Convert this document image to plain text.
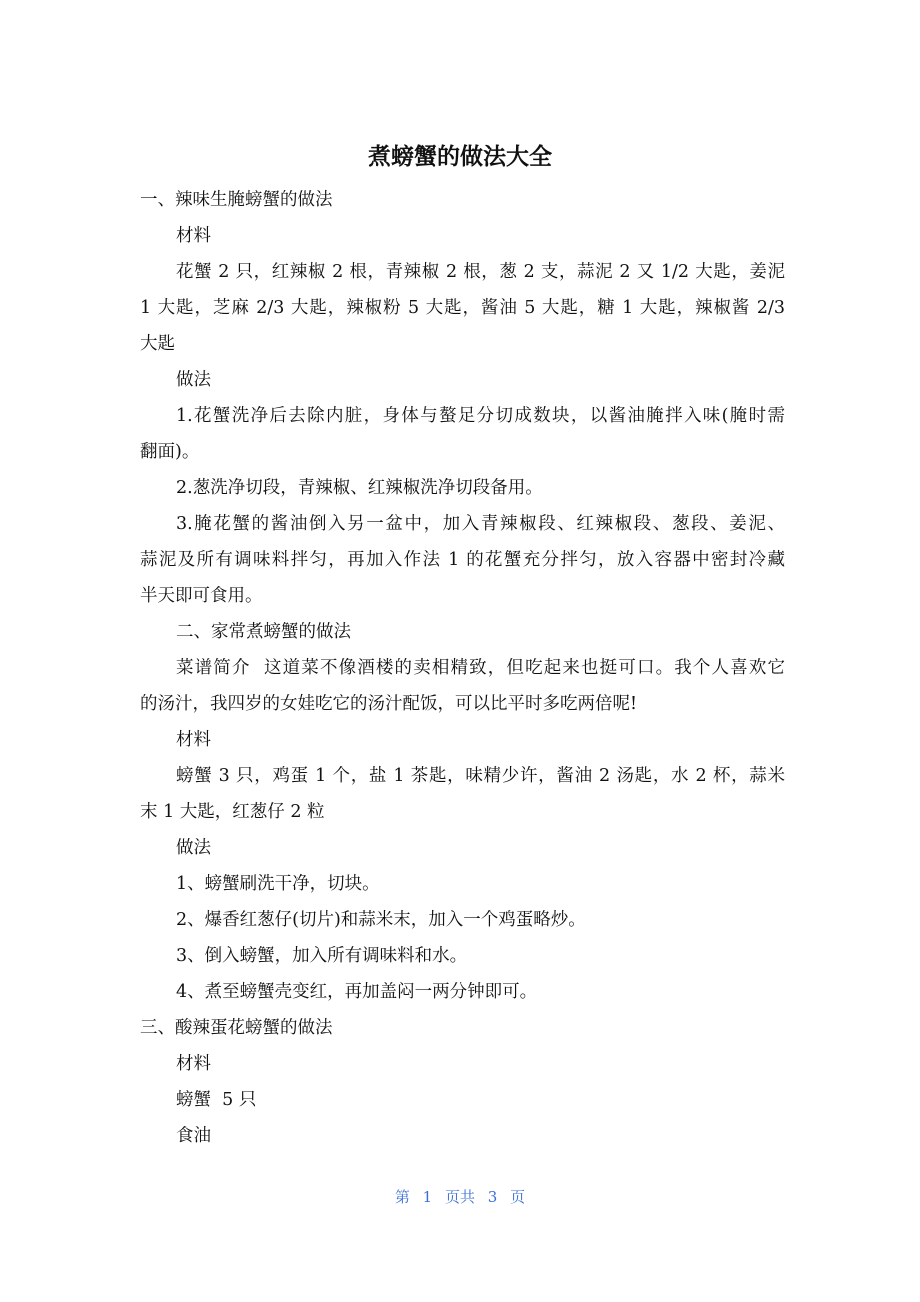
煮螃蟹的做法大全
一、辣味生腌螃蟹的做法
材料
花蟹 2 只，红辣椒 2 根，青辣椒 2 根，葱 2 支，蒜泥 2 又 1/2 大匙，姜泥
1 大匙，芝麻 2/3 大匙，辣椒粉 5 大匙，酱油 5 大匙，糖 1 大匙，辣椒酱 2/3
大匙
做法
1.花蟹洗净后去除内脏，身体与螯足分切成数块，以酱油腌拌入味(腌时需
翻面)。
2.葱洗净切段，青辣椒、红辣椒洗净切段备用。
3.腌花蟹的酱油倒入另一盆中，加入青辣椒段、红辣椒段、葱段、姜泥、
蒜泥及所有调味料拌匀，再加入作法 1 的花蟹充分拌匀，放入容器中密封冷藏
半天即可食用。
二、家常煮螃蟹的做法
菜谱简介  这道菜不像酒楼的卖相精致，但吃起来也挺可口。我个人喜欢它
的汤汁，我四岁的女娃吃它的汤汁配饭，可以比平时多吃两倍呢!
材料
螃蟹 3 只，鸡蛋 1 个，盐 1 茶匙，味精少许，酱油 2 汤匙，水 2 杯，蒜米
末 1 大匙，红葱仔 2 粒
做法
1、螃蟹刷洗干净，切块。
2、爆香红葱仔(切片)和蒜米末，加入一个鸡蛋略炒。
3、倒入螃蟹，加入所有调味料和水。
4、煮至螃蟹壳变红，再加盖闷一两分钟即可。
三、酸辣蛋花螃蟹的做法
材料
螃蟹  5 只
食油
第 1 页共 3 页
